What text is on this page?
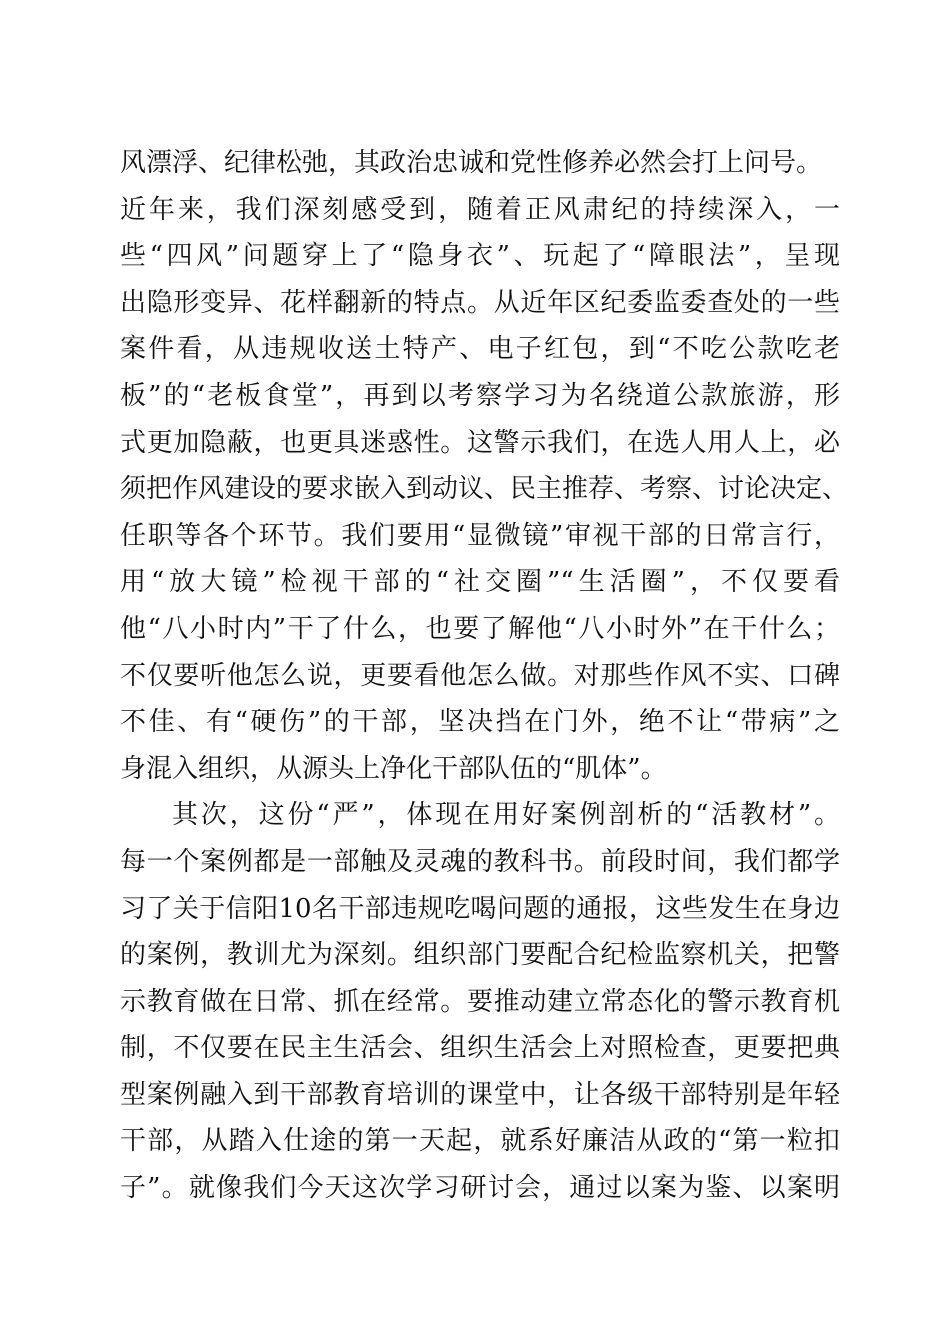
风漂浮、纪律松弛，其政治忠诚和党性修养必然会打上问号。
近年来，我们深刻感受到，随着正风肃纪的持续深入，一
些“四风”问题穿上了“隐身衣”、玩起了“障眼法”，呈现
出隐形变异、花样翻新的特点。从近年区纪委监委查处的一些
案件看，从违规收送土特产、电子红包，到“不吃公款吃老
板”的“老板食堂”，再到以考察学习为名绕道公款旅游，形
式更加隐蔽，也更具迷惑性。这警示我们，在选人用人上，必
须把作风建设的要求嵌入到动议、民主推荐、考察、讨论决定、
任职等各个环节。我们要用“显微镜”审视干部的日常言行，
用“放大镜”检视干部的“社交圈”“生活圈”，不仅要看
他“八小时内”干了什么，也要了解他“八小时外”在干什么；
不仅要听他怎么说，更要看他怎么做。对那些作风不实、口碑
不佳、有“硬伤”的干部，坚决挡在门外，绝不让“带病”之
身混入组织，从源头上净化干部队伍的“肌体”。
其次，这份“严”，体现在用好案例剖析的“活教材”。
每一个案例都是一部触及灵魂的教科书。前段时间，我们都学
习了关于信阳10名干部违规吃喝问题的通报，这些发生在身边
的案例，教训尤为深刻。组织部门要配合纪检监察机关，把警
示教育做在日常、抓在经常。要推动建立常态化的警示教育机
制，不仅要在民主生活会、组织生活会上对照检查，更要把典
型案例融入到干部教育培训的课堂中，让各级干部特别是年轻
干部，从踏入仕途的第一天起，就系好廉洁从政的“第一粒扣
子”。就像我们今天这次学习研讨会，通过以案为鉴、以案明
